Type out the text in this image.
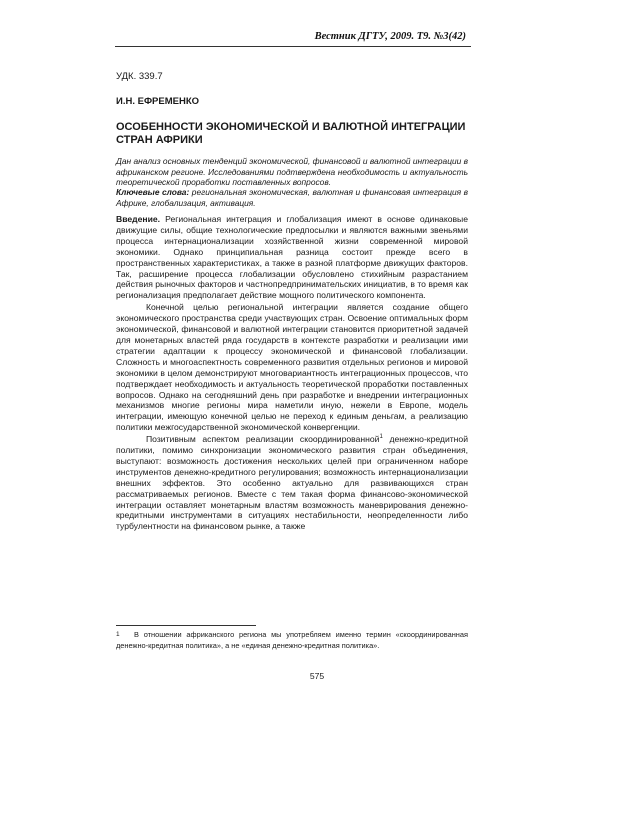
Вестник ДГТУ, 2009. Т9. №3(42)
УДК. 339.7
И.Н. ЕФРЕМЕНКО
ОСОБЕННОСТИ ЭКОНОМИЧЕСКОЙ И ВАЛЮТНОЙ ИНТЕГРАЦИИ СТРАН АФРИКИ

Дан анализ основных тенденций экономической, финансовой и валютной интеграции в африканском регионе. Исследованиями подтверждена необходимость и актуальность теоретической проработки поставленных вопросов.

Ключевые слова: региональная экономическая, валютная и финансовая интеграция в Африке, глобализация, активация.

Введение. Региональная интеграция и глобализация имеют в основе одинаковые движущие силы, общие технологические предпосылки и являются важными звеньями процесса интернационализации хозяйственной жизни современной мировой экономики. Однако принципиальная разница состоит прежде всего в пространственных характеристиках, а также в разной платформе движущих факторов. Так, расширение процесса глобализации обусловлено стихийным разрастанием действия рыночных факторов и частнопредпринимательских инициатив, в то время как регионализация предполагает действие мощного политического компонента.

Конечной целью региональной интеграции является создание общего экономического пространства среди участвующих стран. Освоение оптимальных форм экономической, финансовой и валютной интеграции становится приоритетной задачей для монетарных властей ряда государств в контексте разработки и реализации ими стратегии адаптации к процессу экономической и финансовой глобализации. Сложность и многоаспектность современного развития отдельных регионов и мировой экономики в целом демонстрируют многовариантность интеграционных процессов, что подтверждает необходимость и актуальность теоретической проработки поставленных вопросов. Однако на сегодняшний день при разработке и внедрении интеграционных механизмов многие регионы мира наметили иную, нежели в Европе, модель интеграции, имеющую конечной целью не переход к единым деньгам, а реализацию политики межгосударственной экономической конвергенции.

Позитивным аспектом реализации скоординированной$^1$ денежно-кредитной политики, помимо синхронизации экономического развития стран объединения, выступают: возможность достижения нескольких целей при ограниченном наборе инструментов денежно-кредитного регулирования; возможность интернационализации внешних эффектов. Это особенно актуально для развивающихся стран рассматриваемых регионов. Вместе с тем такая форма финансово-экономической интеграции оставляет монетарным властям возможность маневрирования денежно-кредитными инструментами в ситуациях нестабильности, неопределенности либо турбулентности на финансовом рынке, а также

1 В отношении африканского региона мы употребляем именно термин «скоординированная денежно-кредитная политика», а не «единая денежно-кредитная политика».
575
